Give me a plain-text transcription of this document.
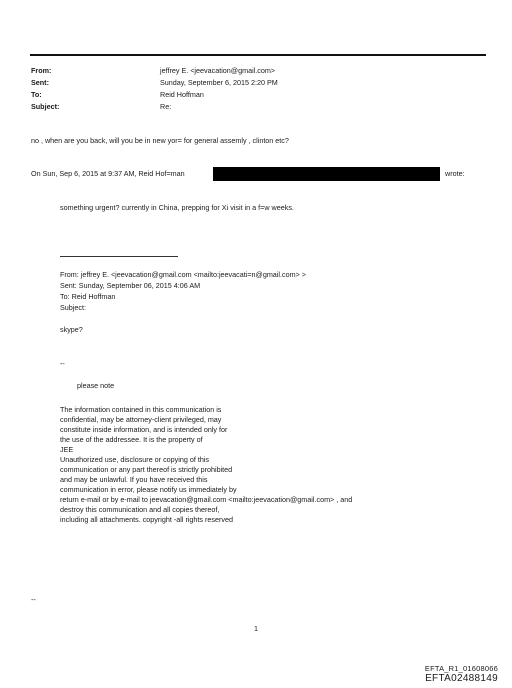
From:	jeffrey E. <jeevacation@gmail.com>
Sent:	Sunday, September 6, 2015 2:20 PM
To:	Reid Hoffman
Subject:	Re:
no , when are you back, will you be in new yor= for general assemly , clinton etc?
On Sun, Sep 6, 2015 at 9:37 AM, Reid Hof=man	wrote:
something urgent? currently in China, prepping for Xi visit in a f=w weeks.
From: jeffrey E. <jeevacation@gmail.com <mailto:jeevacati=n@gmail.com> >
Sent: Sunday, September 06, 2015 4:06 AM
To: Reid Hoffman
Subject:
skype?
--
please note
The information contained in this communication is
confidential, may be attorney-client privileged, may
constitute inside information, and is intended only for
the use of the addressee. It is the property of
JEE
Unauthorized use, disclosure or copying of this
communication or any part thereof is strictly prohibited
and may be unlawful. If you have received this
communication in error, please notify us immediately by
return e-mail or by e-mail to jeevacation@gmail.com <mailto:jeevacation@gmail.com> , and
destroy this communication and all copies thereof,
including all attachments. copyright -all rights reserved
--
1
EFTA_R1_01608066
EFTA02488149
